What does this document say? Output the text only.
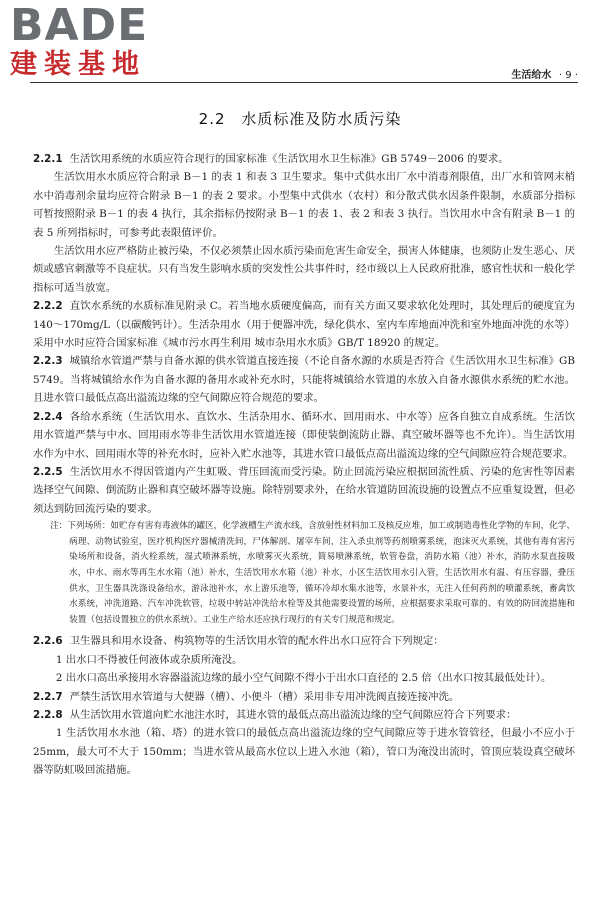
BADE
建装基地	生活给水 · 9 ·
2.2 水质标准及防水质污染

2.2.1 生活饮用系统的水质应符合现行的国家标准《生活饮用水卫生标准》GB 5749－2006 的要求。

生活饮用水水质应符合附录 B－1 的表 1 和表 3 卫生要求。集中式供水出厂水中消毒剂限值，出厂水和管网末梢水中消毒剂余量均应符合附录 B－1 的表 2 要求。小型集中式供水（农村）和分散式供水因条件限制，水质部分指标可暂按照附录 B－1 的表 4 执行，其余指标仍按附录 B－1 的表 1、表 2 和表 3 执行。当饮用水中含有附录 B－1 的表 5 所列指标时，可参考此表限值评价。

生活饮用水应严格防止被污染，不仅必须禁止因水质污染而危害生命安全，损害人体健康，也须防止发生恶心、厌烦或感官刺激等不良症状。只有当发生影响水质的突发性公共事件时，经市级以上人民政府批准，感官性状和一般化学指标可适当放宽。

2.2.2 直饮水系统的水质标准见附录 C。若当地水质硬度偏高，而有关方面又要求软化处理时，其处理后的硬度宜为 140～170mg/L（以碳酸钙计）。生活杂用水（用于便器冲洗，绿化供水、室内车库地面冲洗和室外地面冲洗的水等）采用中水时应符合国家标准《城市污水再生利用 城市杂用水水质》GB/T 18920 的规定。

2.2.3 城镇给水管道严禁与自备水源的供水管道直接连接（不论自备水源的水质是否符合《生活饮用水卫生标准》GB 5749。当将城镇给水作为自备水源的备用水或补充水时，只能将城镇给水管道的水放入自备水源供水系统的贮水池。且进水管口最低点高出溢流边缘的空气间隙应符合规范的要求。

2.2.4 各给水系统（生活饮用水、直饮水、生活杂用水、循环水、回用雨水、中水等）应各自独立自成系统。生活饮用水管道严禁与中水、回用雨水等非生活饮用水管道连接（即使装倒流防止器、真空破坏器等也不允许）。当生活饮用水作为中水、回用雨水等的补充水时，应补入贮水池等，其进水管口最低点高出溢流边缘的空气间隙应符合规范要求。

2.2.5 生活饮用水不得因管道内产生虹吸、背压回流而受污染。防止回流污染应根据回流性质、污染的危害性等因素选择空气间隙、倒流防止器和真空破坏器等设施。除特别要求外，在给水管道防回流设施的设置点不应重复设置，但必须达到防回流污染的要求。

注：下列场所：如贮存有害有毒液体的罐区，化学液槽生产流水线，含放射性材料加工及核反应堆，加工或制造毒性化学物的车间，化学、病理、动物试验室，医疗机构医疗器械清洗间，尸体解剖、屠宰车间，注入杀虫剂等药剂喷雾系统，泡沫灭火系统，其他有毒有害污染场所和设备，消火栓系统，湿式喷淋系统，水喷雾灭火系统，简易喷淋系统，软管卷盘，消防水箱（池）补水，消防水泵直接吸水，中水、雨水等再生水水箱（池）补水，生活饮用水水箱（池）补水，小区生活饮用水引入管，生活饮用水有温、有压容器，叠压供水，卫生器具洗涤设备给水，游泳池补水，水上游乐池等，循环冷却水集水池等，水景补水，无注入任何药剂的喷灌系统，畜禽饮水系统，冲洗道路、汽车冲洗软管，垃圾中转站冲洗给水栓等及其他需要设置的场所，应根据要求采取可靠的、有效的防回流措施和装置（包括设置独立的供水系统）。工业生产给水还应执行现行的有关专门规范和规定。

2.2.6 卫生器具和用水设备、构筑物等的生活饮用水管的配水件出水口应符合下列规定：

1 出水口不得被任何液体或杂质所淹没。

2 出水口高出承接用水容器溢流边缘的最小空气间隙不得小于出水口直径的 2.5 倍（出水口按其最低处计）。

2.2.7 严禁生活饮用水管道与大便器（槽）、小便斗（槽）采用非专用冲洗阀直接连接冲洗。

2.2.8 从生活饮用水管道向贮水池注水时，其进水管的最低点高出溢流边缘的空气间隙应符合下列要求：

1 生活饮用水水池（箱、塔）的进水管口的最低点高出溢流边缘的空气间隙应等于进水管管径，但最小不应小于 25mm，最大可不大于 150mm；当进水管从最高水位以上进入水池（箱），管口为淹没出流时，管顶应装设真空破坏器等防虹吸回流措施。
